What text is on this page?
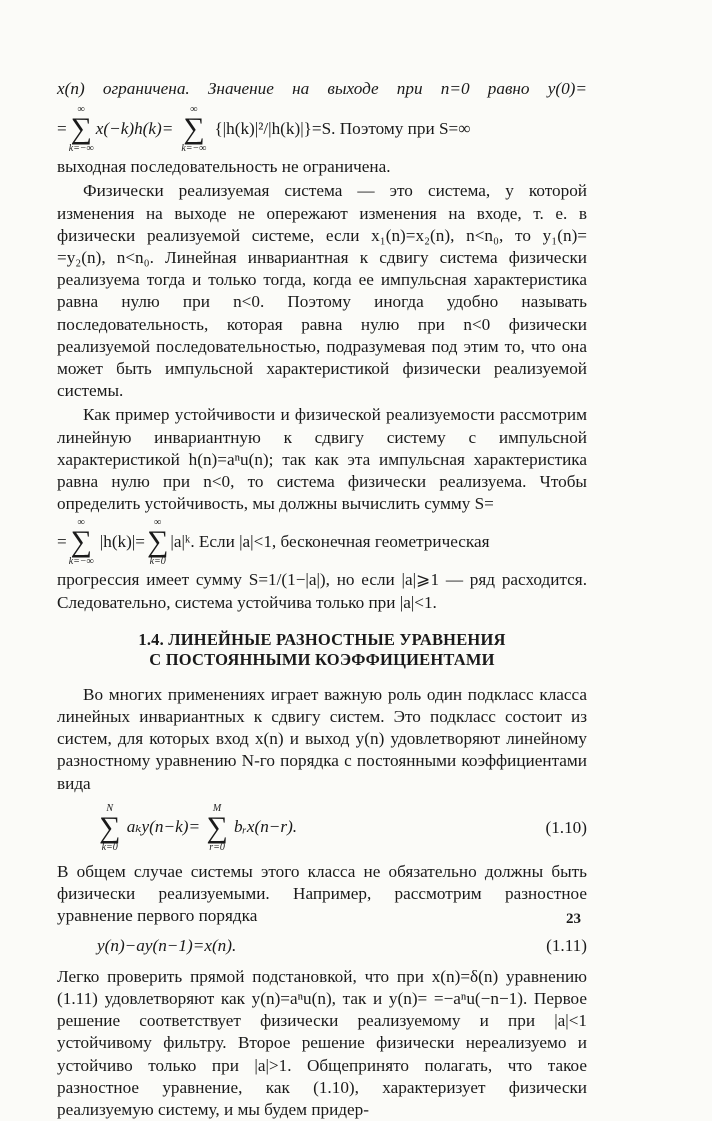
x(n) ограничена. Значение на выходе при n=0 равно y(0)=

=
∞
∑
k=−∞
x(−k)h(k)=
∞
∑
k=−∞
{|h(k)|²/|h(k)|}=S. Поэтому при S=∞

выходная последовательность не ограничена.

Физически реализуемая система — это система, у которой изменения на выходе не опережают изменения на входе, т. е. в физически реализуемой системе, если x₁(n)=x₂(n), n<n₀, то y₁(n)= =y₂(n), n<n₀. Линейная инвариантная к сдвигу система физически реализуема тогда и только тогда, когда ее импульсная характеристика равна нулю при n<0. Поэтому иногда удобно называть последовательность, которая равна нулю при n<0 физически реализуемой последовательностью, подразумевая под этим то, что она может быть импульсной характеристикой физически реализуемой системы.

Как пример устойчивости и физической реализуемости рассмотрим линейную инвариантную к сдвигу систему с импульсной характеристикой h(n)=aⁿu(n); так как эта импульсная характеристика равна нулю при n<0, то система физически реализуема. Чтобы определить устойчивость, мы должны вычислить сумму S=

=
∞
∑
k=−∞
|h(k)|=
∞
∑
k=0
|a|ᵏ. Если |a|<1, бесконечная геометрическая

прогрессия имеет сумму S=1/(1−|a|), но если |a|⩾1 — ряд расходится. Следовательно, система устойчива только при |a|<1.

1.4. ЛИНЕЙНЫЕ РАЗНОСТНЫЕ УРАВНЕНИЯ
С ПОСТОЯННЫМИ КОЭФФИЦИЕНТАМИ

Во многих применениях играет важную роль один подкласс класса линейных инвариантных к сдвигу систем. Это подкласс состоит из систем, для которых вход x(n) и выход y(n) удовлетворяют линейному разностному уравнению N-го порядка с постоянными коэффициентами вида

N
∑
k=0
aₖy(n−k)=
M
∑
r=0
bᵣx(n−r).	(1.10)

В общем случае системы этого класса не обязательно должны быть физически реализуемыми. Например, рассмотрим разностное уравнение первого порядка

y(n)−ay(n−1)=x(n).	(1.11)

Легко проверить прямой подстановкой, что при x(n)=δ(n) уравнению (1.11) удовлетворяют как y(n)=aⁿu(n), так и y(n)= =−aⁿu(−n−1). Первое решение соответствует физически реализуемому и при |a|<1 устойчивому фильтру. Второе решение физически нереализуемо и устойчиво только при |a|>1. Общепринято полагать, что такое разностное уравнение, как (1.10), характеризует физически реализуемую систему, и мы будем придер-

23
